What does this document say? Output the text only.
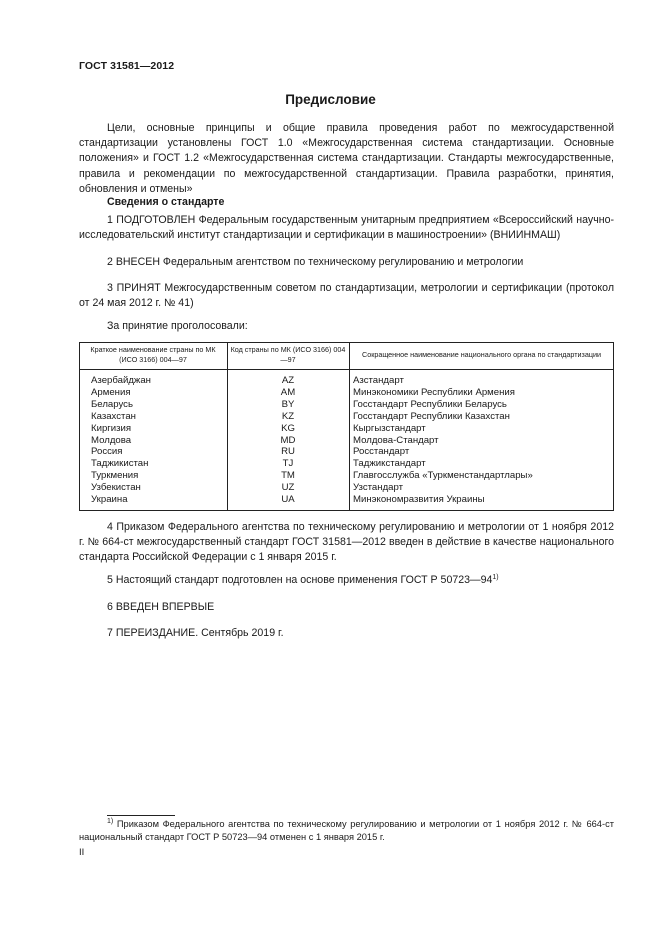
ГОСТ 31581—2012
Предисловие
Цели, основные принципы и общие правила проведения работ по межгосударственной стандартизации установлены ГОСТ 1.0 «Межгосударственная система стандартизации. Основные положения» и ГОСТ 1.2 «Межгосударственная система стандартизации. Стандарты межгосударственные, правила и рекомендации по межгосударственной стандартизации. Правила разработки, принятия, обновления и отмены»
Сведения о стандарте
1 ПОДГОТОВЛЕН Федеральным государственным унитарным предприятием «Всероссийский научно-исследовательский институт стандартизации и сертификации в машиностроении» (ВНИИНМАШ)
2 ВНЕСЕН Федеральным агентством по техническому регулированию и метрологии
3 ПРИНЯТ Межгосударственным советом по стандартизации, метрологии и сертификации (протокол от 24 мая 2012 г. № 41)
За принятие проголосовали:
Краткое наименование страны по МК (ИСО 3166) 004—97	Код страны по МК (ИСО 3166) 004—97	Сокращенное наименование национального органа по стандартизации

Азербайджан	AZ	Азстандарт
Армения	AM	Минэкономики Республики Армения
Беларусь	BY	Госстандарт Республики Беларусь
Казахстан	KZ	Госстандарт Республики Казахстан
Киргизия	KG	Кыргызстандарт
Молдова	MD	Молдова-Стандарт
Россия	RU	Росстандарт
Таджикистан	TJ	Таджикстандарт
Туркмения	TM	Главгосслужба «Туркменстандартлары»
Узбекистан	UZ	Узстандарт
Украина	UA	Минэкономразвития Украины
4 Приказом Федерального агентства по техническому регулированию и метрологии от 1 ноября 2012 г. № 664-ст межгосударственный стандарт ГОСТ 31581—2012 введен в действие в качестве национального стандарта Российской Федерации с 1 января 2015 г.
5 Настоящий стандарт подготовлен на основе применения ГОСТ Р 50723—94$^{1)}$
6 ВВЕДЕН ВПЕРВЫЕ
7 ПЕРЕИЗДАНИЕ. Сентябрь 2019 г.
$^{1)}$ Приказом Федерального агентства по техническому регулированию и метрологии от 1 ноября 2012 г. № 664-ст национальный стандарт ГОСТ Р 50723—94 отменен с 1 января 2015 г.
II
